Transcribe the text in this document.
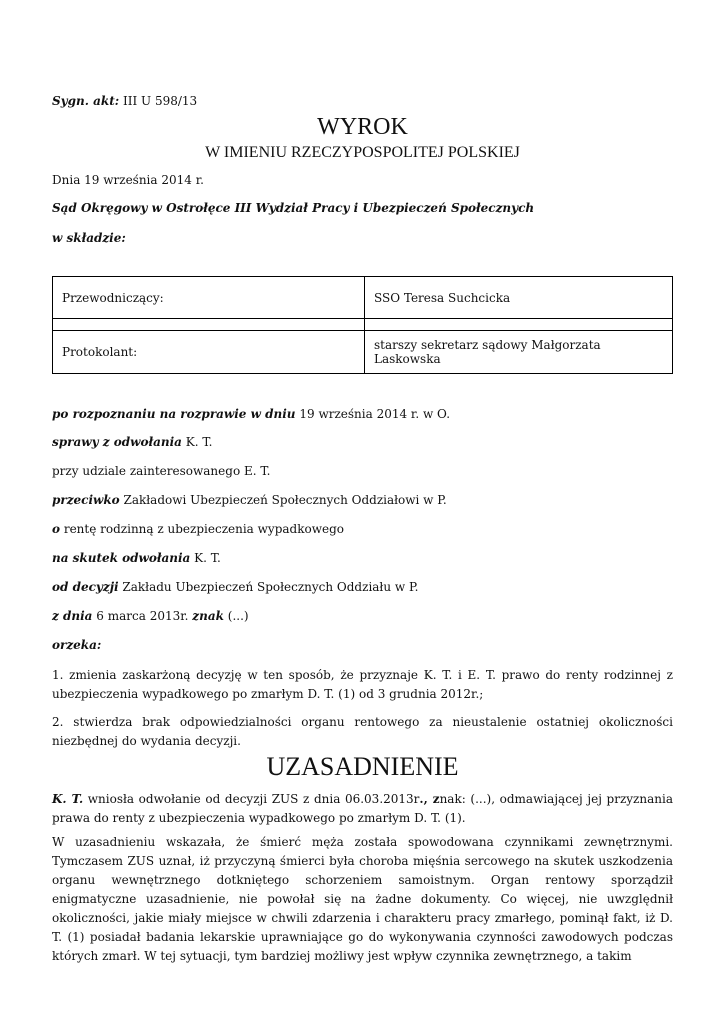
Sygn. akt: III U 598/13
WYROK
W IMIENIU RZECZYPOSPOLITEJ POLSKIEJ
Dnia 19 września 2014 r.
Sąd Okręgowy w Ostrołęce III Wydział Pracy i Ubezpieczeń Społecznych
w składzie:
Przewodniczący:	SSO Teresa Suchcicka

Protokolant:	starszy sekretarz sądowy Małgorzata Laskowska
po rozpoznaniu na rozprawie w dniu 19 września 2014 r. w O.
sprawy z odwołania K. T.
przy udziale zainteresowanego E. T.
przeciwko Zakładowi Ubezpieczeń Społecznych Oddziałowi w P.
o rentę rodzinną z ubezpieczenia wypadkowego
na skutek odwołania K. T.
od decyzji Zakładu Ubezpieczeń Społecznych Oddziału w P.
z dnia 6 marca 2013r. znak (...)
orzeka:
1. zmienia zaskarżoną decyzję w ten sposób, że przyznaje K. T. i E. T. prawo do renty rodzinnej z ubezpieczenia wypadkowego po zmarłym D. T. (1) od 3 grudnia 2012r.;
2. stwierdza brak odpowiedzialności organu rentowego za nieustalenie ostatniej okoliczności niezbędnej do wydania decyzji.
UZASADNIENIE
K. T. wniosła odwołanie od decyzji ZUS z dnia 06.03.2013r., znak: (...), odmawiającej jej przyznania prawa do renty z ubezpieczenia wypadkowego po zmarłym D. T. (1).
W uzasadnieniu wskazała, że śmierć męża została spowodowana czynnikami zewnętrznymi. Tymczasem ZUS uznał, iż przyczyną śmierci była choroba mięśnia sercowego na skutek uszkodzenia organu wewnętrznego dotkniętego schorzeniem samoistnym. Organ rentowy sporządził enigmatyczne uzasadnienie, nie powołał się na żadne dokumenty. Co więcej, nie uwzględnił okoliczności, jakie miały miejsce w chwili zdarzenia i charakteru pracy zmarłego, pominął fakt, iż D. T. (1) posiadał badania lekarskie uprawniające go do wykonywania czynności zawodowych podczas których zmarł. W tej sytuacji, tym bardziej możliwy jest wpływ czynnika zewnętrznego, a takim
